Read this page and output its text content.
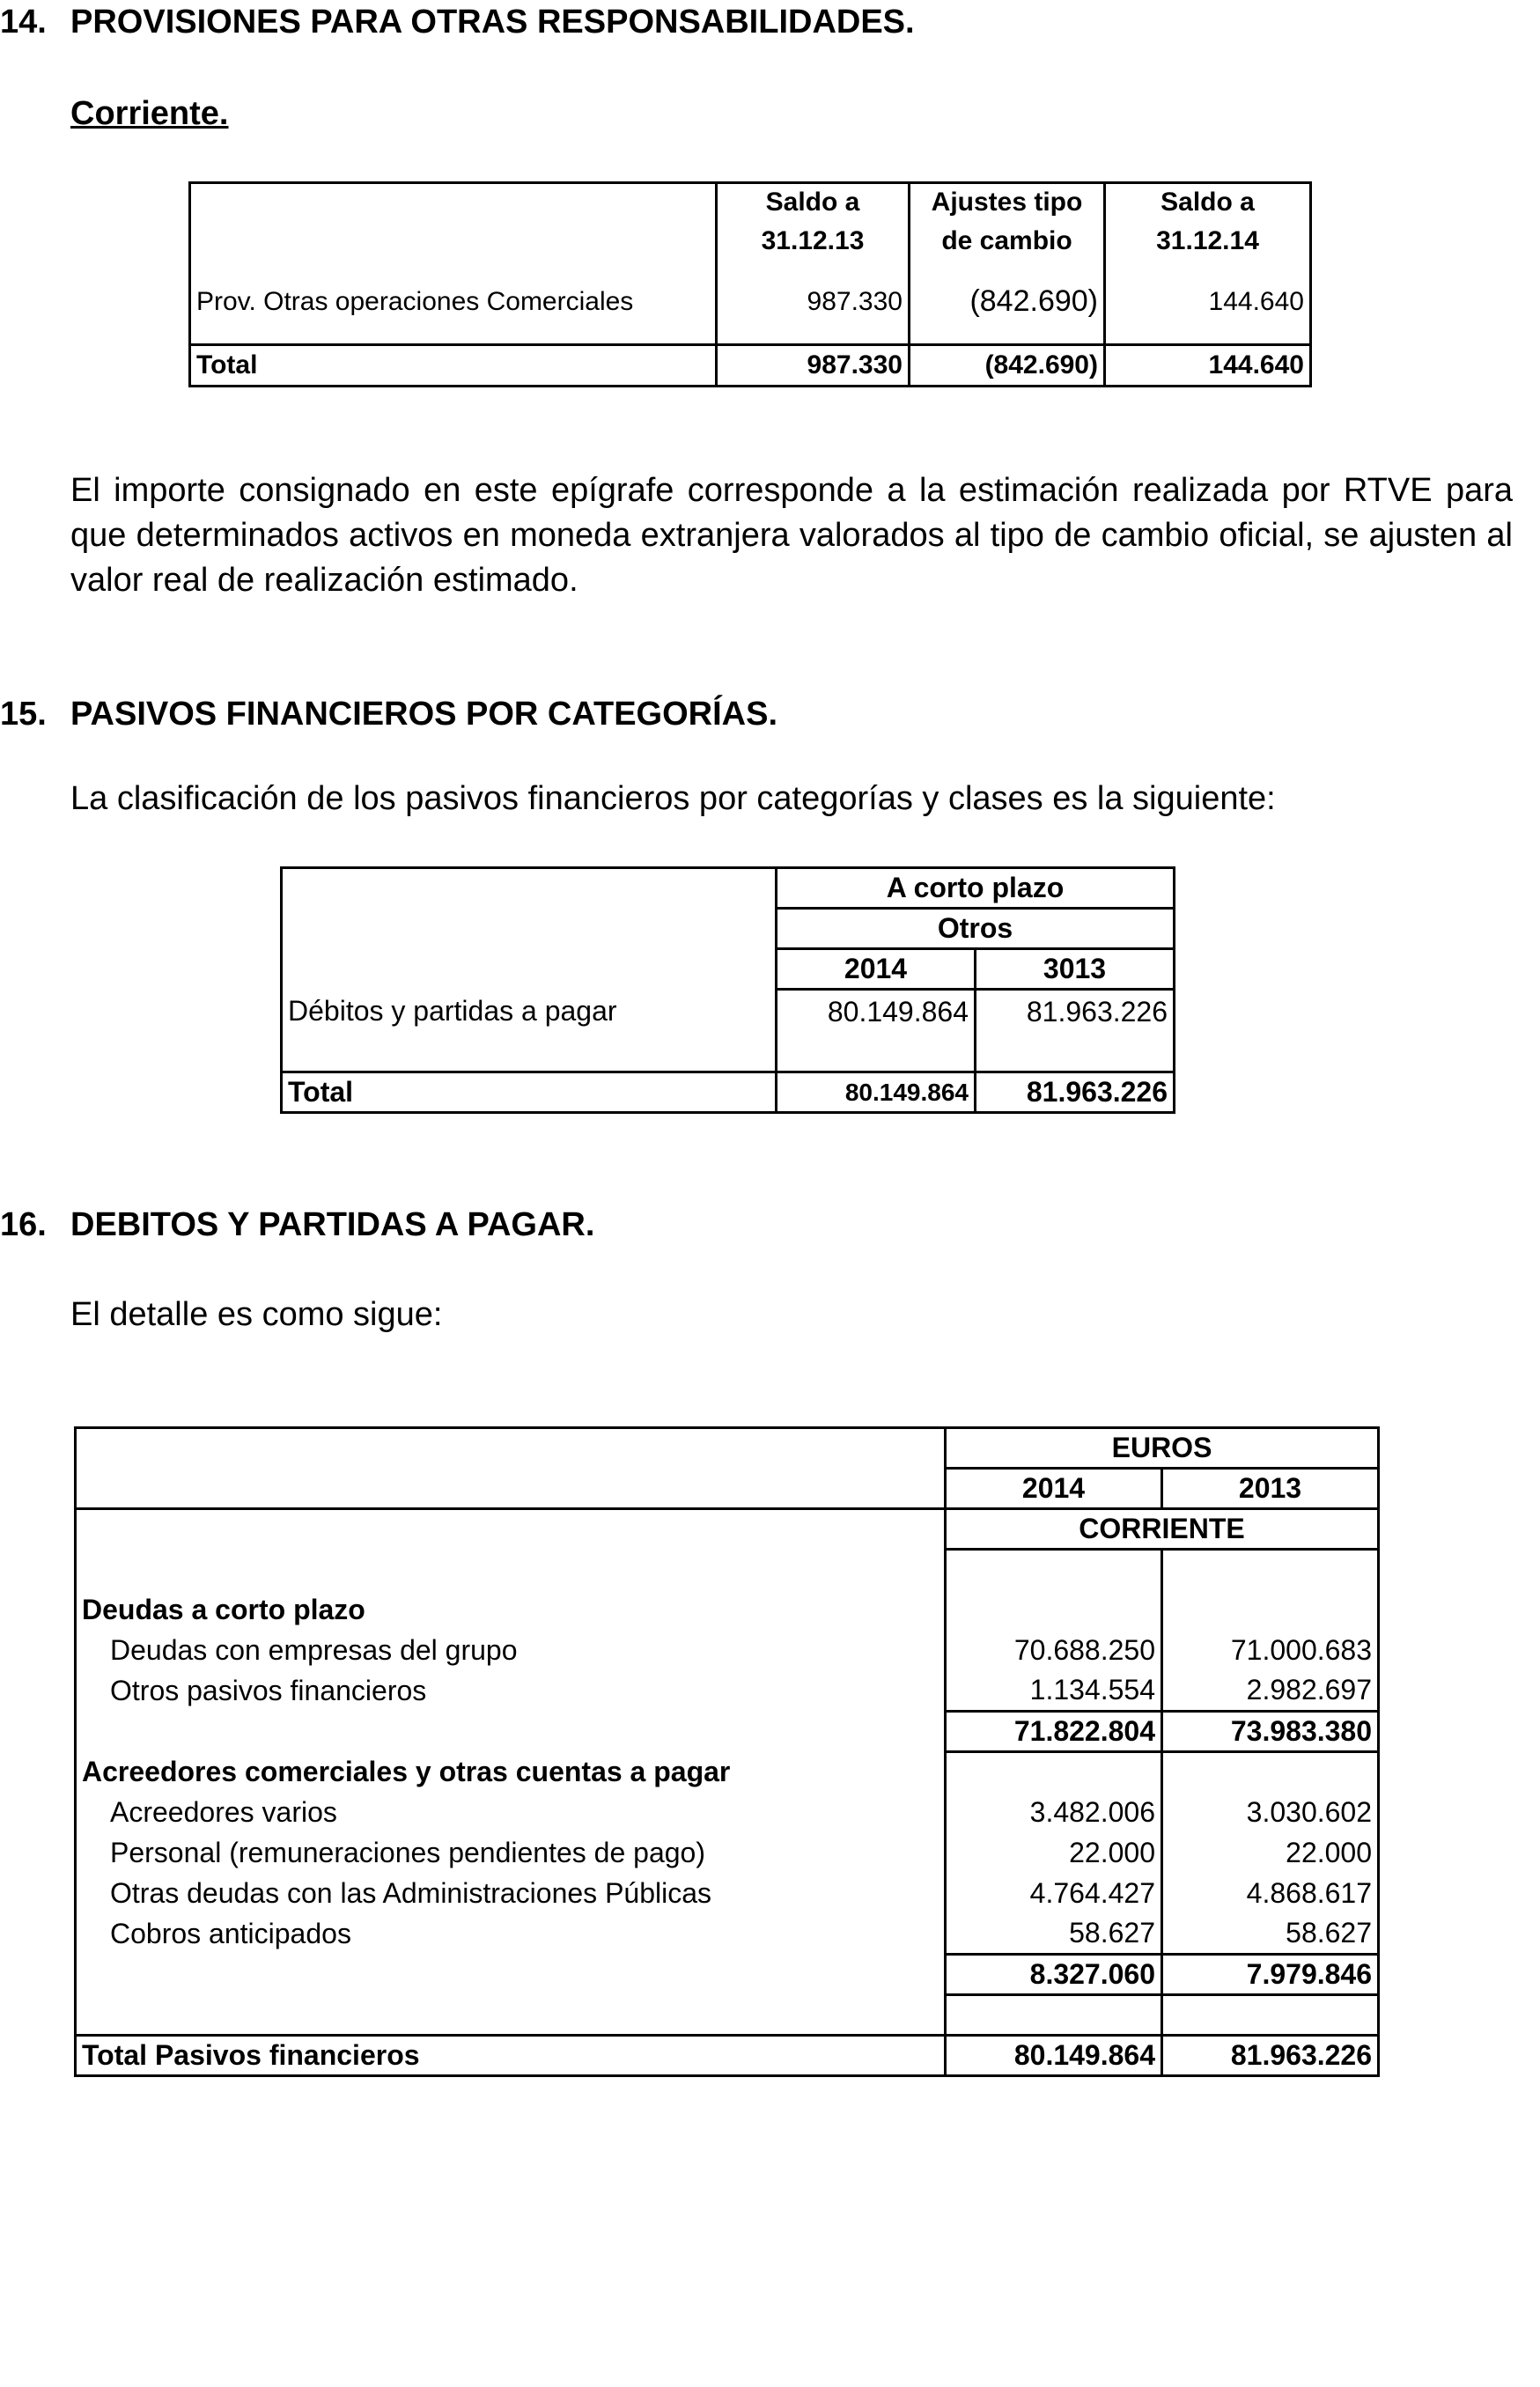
14. PROVISIONES PARA OTRAS RESPONSABILIDADES.
Corriente.
	Saldo a	Ajustes tipo	Saldo a
	31.12.13	de cambio	31.12.14
Prov. Otras operaciones Comerciales	987.330	(842.690)	144.640
Total	987.330	(842.690)	144.640
El importe consignado en este epígrafe corresponde a la estimación realizada por RTVE para que determinados activos en moneda extranjera valorados al tipo de cambio oficial, se ajusten al valor real de realización estimado.
15. PASIVOS FINANCIEROS POR CATEGORÍAS.
La clasificación de los pasivos financieros por categorías y clases es la siguiente:
	A corto plazo	
	Otros	
	2014	3013
Débitos y partidas a pagar	80.149.864	81.963.226
Total	80.149.864	81.963.226
16. DEBITOS Y PARTIDAS A PAGAR.
El detalle es como sigue:
	EUROS	
	2014	2013
	CORRIENTE	

Deudas a corto plazo		
Deudas con empresas del grupo	70.688.250	71.000.683
Otros pasivos financieros	1.134.554	2.982.697
	71.822.804	73.983.380
Acreedores comerciales y otras cuentas a pagar		
Acreedores varios	3.482.006	3.030.602
Personal (remuneraciones pendientes de pago)	22.000	22.000
Otras deudas con las Administraciones Públicas	4.764.427	4.868.617
Cobros anticipados	58.627	58.627
	8.327.060	7.979.846

Total Pasivos financieros	80.149.864	81.963.226
